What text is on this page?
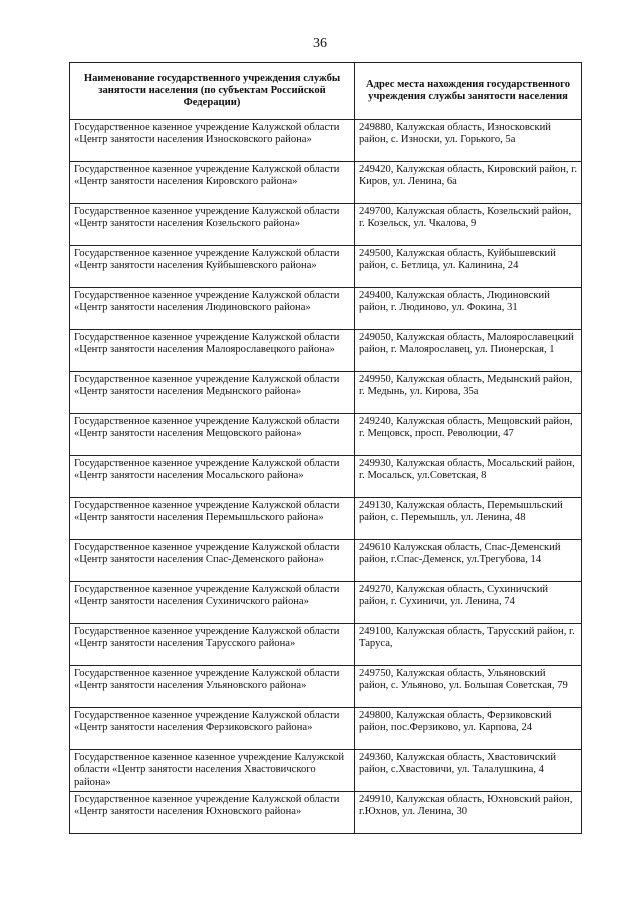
36
Наименование государственного учреждения службы занятости населения (по субъектам Российской Федерации)	Адрес места нахождения государственного учреждения службы занятости населения
Государственное казенное учреждение Калужской области «Центр занятости населения Износковского района»	249880, Калужская область, Износковский район, с. Износки, ул. Горького, 5а
Государственное казенное учреждение Калужской области «Центр занятости населения Кировского района»	249420, Калужская область, Кировский район, г. Киров, ул. Ленина, 6а
Государственное казенное учреждение Калужской области «Центр занятости населения Козельского района»	249700, Калужская область, Козельский район, г. Козельск, ул. Чкалова, 9
Государственное казенное учреждение Калужской области «Центр занятости населения Куйбышевского района»	249500, Калужская область, Куйбышевский район, с. Бетлица, ул. Калинина, 24
Государственное казенное учреждение Калужской области «Центр занятости населения Людиновского района»	249400, Калужская область, Людиновский район, г. Людиново, ул. Фокина, 31
Государственное казенное учреждение Калужской области «Центр занятости населения Малоярославецкого района»	249050, Калужская область, Малоярославецкий район, г. Малоярославец, ул. Пионерская, 1
Государственное казенное учреждение Калужской области «Центр занятости населения Медынского района»	249950, Калужская область, Медынский район, г. Медынь, ул. Кирова, 35а
Государственное казенное учреждение Калужской области «Центр занятости населения Мещовского района»	249240, Калужская область, Мещовский район, г. Мещовск, просп. Революции, 47
Государственное казенное учреждение Калужской области «Центр занятости населения Мосальского района»	249930, Калужская область, Мосальский район, г. Мосальск, ул.Советская, 8
Государственное казенное учреждение Калужской области «Центр занятости населения Перемышльского района»	249130, Калужская область, Перемышльский район, с. Перемышль, ул. Ленина, 48
Государственное казенное учреждение Калужской области «Центр занятости населения Спас-Деменского района»	249610 Калужская область, Спас-Деменский район, г.Спас-Деменск, ул.Трегубова, 14
Государственное казенное учреждение Калужской области «Центр занятости населения Сухиничского района»	249270, Калужская область, Сухиничский район, г. Сухиничи, ул. Ленина, 74
Государственное казенное учреждение Калужской области «Центр занятости населения Тарусского района»	249100, Калужская область, Тарусский район, г. Таруса,
Государственное казенное учреждение Калужской области «Центр занятости населения Ульяновского района»	249750, Калужская область, Ульяновский район, с. Ульяново, ул. Большая Советская, 79
Государственное казенное учреждение Калужской области «Центр занятости населения Ферзиковского района»	249800, Калужская область, Ферзиковский район, пос.Ферзиково, ул. Карпова, 24
Государственное казенное казенное учреждение Калужской области «Центр занятости населения Хвастовичского района»	249360, Калужская область, Хвастовичский район, с.Хвастовичи, ул. Талалушкина, 4
Государственное казенное учреждение Калужской области «Центр занятости населения Юхновского района»	249910, Калужская область, Юхновский район, г.Юхнов, ул. Ленина, 30
